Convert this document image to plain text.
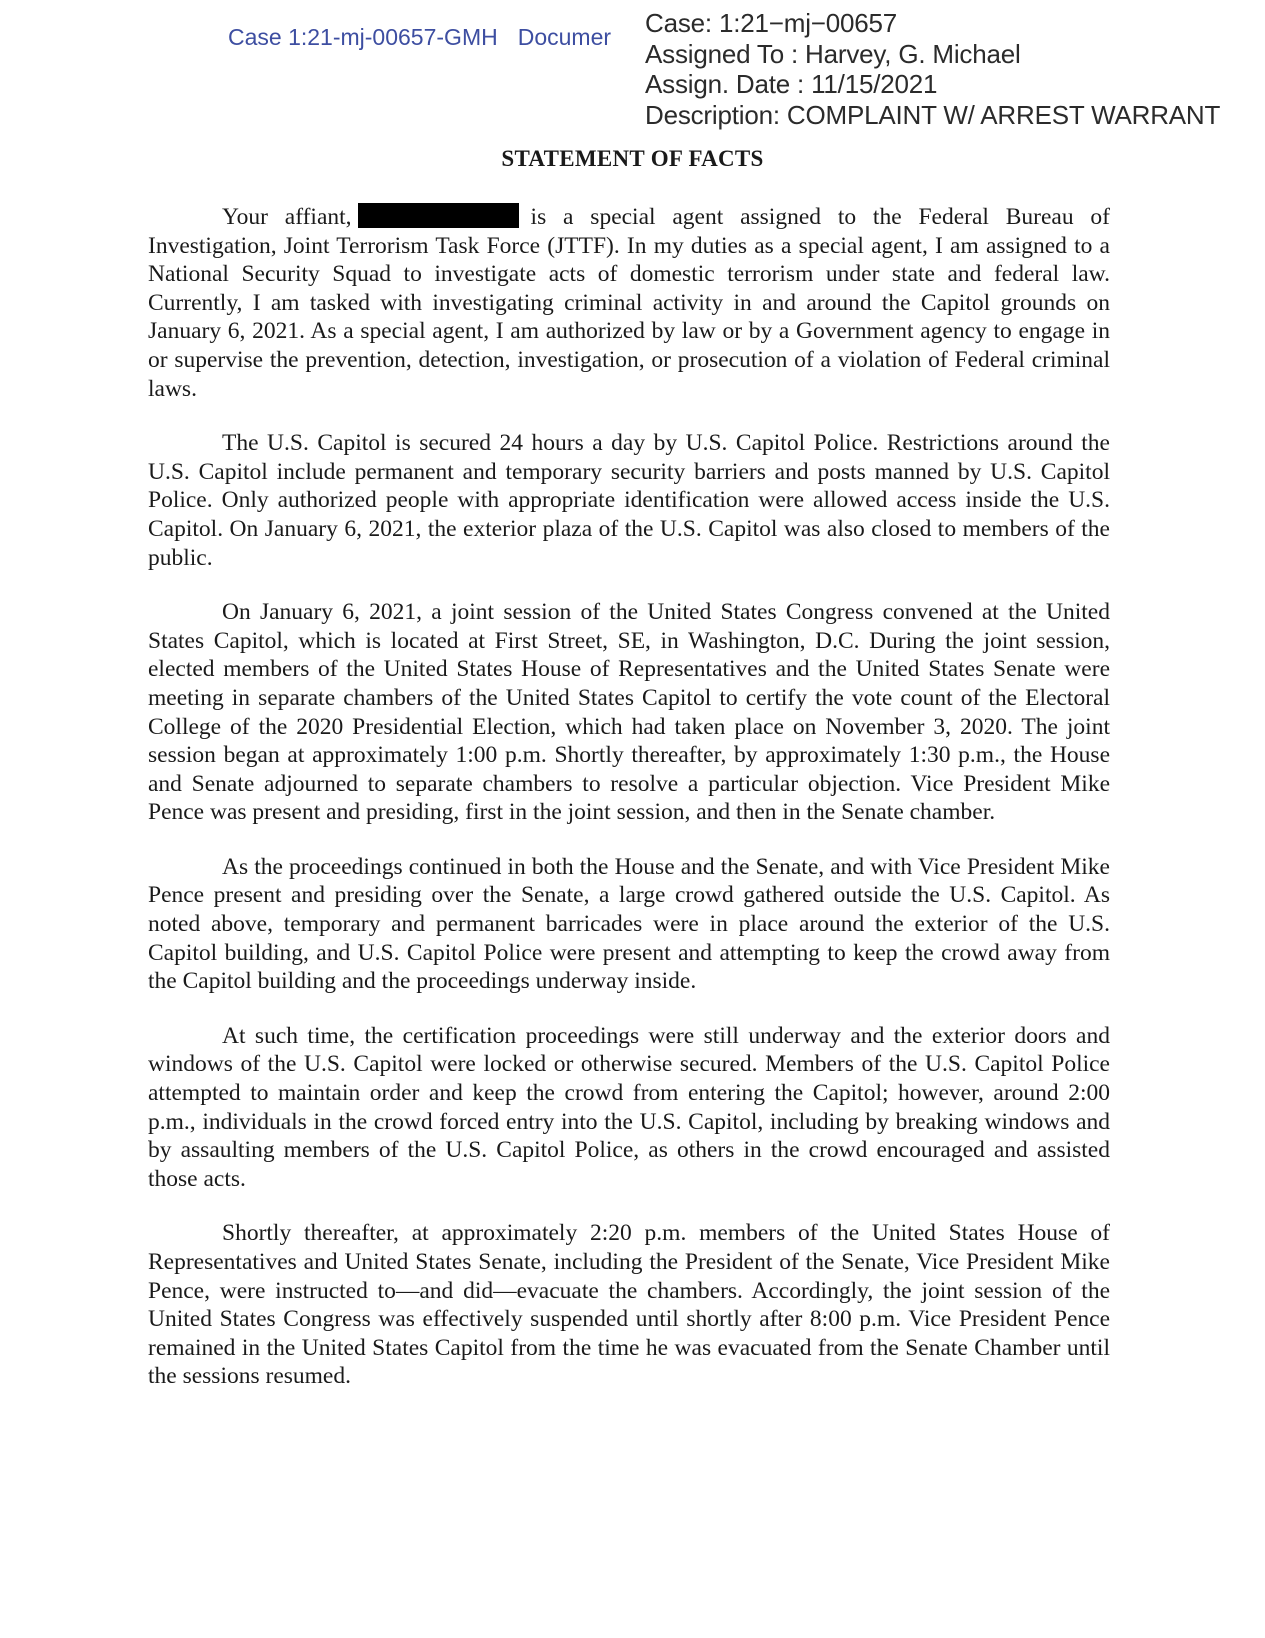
Case 1:21-mj-00657-GMH Documer	Case: 1:21−mj−00657
Assigned To : Harvey, G. Michael
Assign. Date : 11/15/2021
Description: COMPLAINT W/ ARREST WARRANT
STATEMENT OF FACTS

Your affiant,	is a special agent assigned to the Federal Bureau of Investigation, Joint Terrorism Task Force (JTTF). In my duties as a special agent, I am assigned to a National Security Squad to investigate acts of domestic terrorism under state and federal law. Currently, I am tasked with investigating criminal activity in and around the Capitol grounds on January 6, 2021. As a special agent, I am authorized by law or by a Government agency to engage in or supervise the prevention, detection, investigation, or prosecution of a violation of Federal criminal laws.

The U.S. Capitol is secured 24 hours a day by U.S. Capitol Police. Restrictions around the U.S. Capitol include permanent and temporary security barriers and posts manned by U.S. Capitol Police. Only authorized people with appropriate identification were allowed access inside the U.S. Capitol. On January 6, 2021, the exterior plaza of the U.S. Capitol was also closed to members of the public.

On January 6, 2021, a joint session of the United States Congress convened at the United States Capitol, which is located at First Street, SE, in Washington, D.C. During the joint session, elected members of the United States House of Representatives and the United States Senate were meeting in separate chambers of the United States Capitol to certify the vote count of the Electoral College of the 2020 Presidential Election, which had taken place on November 3, 2020. The joint session began at approximately 1:00 p.m. Shortly thereafter, by approximately 1:30 p.m., the House and Senate adjourned to separate chambers to resolve a particular objection. Vice President Mike Pence was present and presiding, first in the joint session, and then in the Senate chamber.

As the proceedings continued in both the House and the Senate, and with Vice President Mike Pence present and presiding over the Senate, a large crowd gathered outside the U.S. Capitol. As noted above, temporary and permanent barricades were in place around the exterior of the U.S. Capitol building, and U.S. Capitol Police were present and attempting to keep the crowd away from the Capitol building and the proceedings underway inside.

At such time, the certification proceedings were still underway and the exterior doors and windows of the U.S. Capitol were locked or otherwise secured. Members of the U.S. Capitol Police attempted to maintain order and keep the crowd from entering the Capitol; however, around 2:00 p.m., individuals in the crowd forced entry into the U.S. Capitol, including by breaking windows and by assaulting members of the U.S. Capitol Police, as others in the crowd encouraged and assisted those acts.

Shortly thereafter, at approximately 2:20 p.m. members of the United States House of Representatives and United States Senate, including the President of the Senate, Vice President Mike Pence, were instructed to—and did—evacuate the chambers. Accordingly, the joint session of the United States Congress was effectively suspended until shortly after 8:00 p.m. Vice President Pence remained in the United States Capitol from the time he was evacuated from the Senate Chamber until the sessions resumed.
